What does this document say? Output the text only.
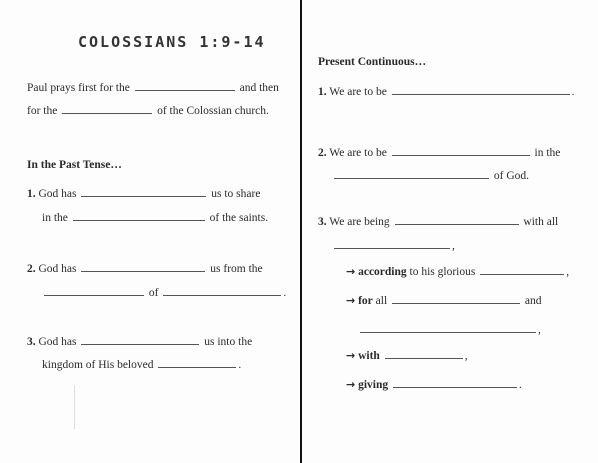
COLOSSIANS 1:9-14
Paul prays first for the	and then
for the	of the Colossian church.
In the Past Tense…
1. God has	us to share
in the	of the saints.
2. God has	us from the
of	.
3. God has	us into the
kingdom of His beloved	.
Present Continuous…
1. We are to be	.
2. We are to be	in the
of God.
3. We are being	with all
,
→ according to his glorious	,
→ for all	and
,
→ with	,
→ giving	.
